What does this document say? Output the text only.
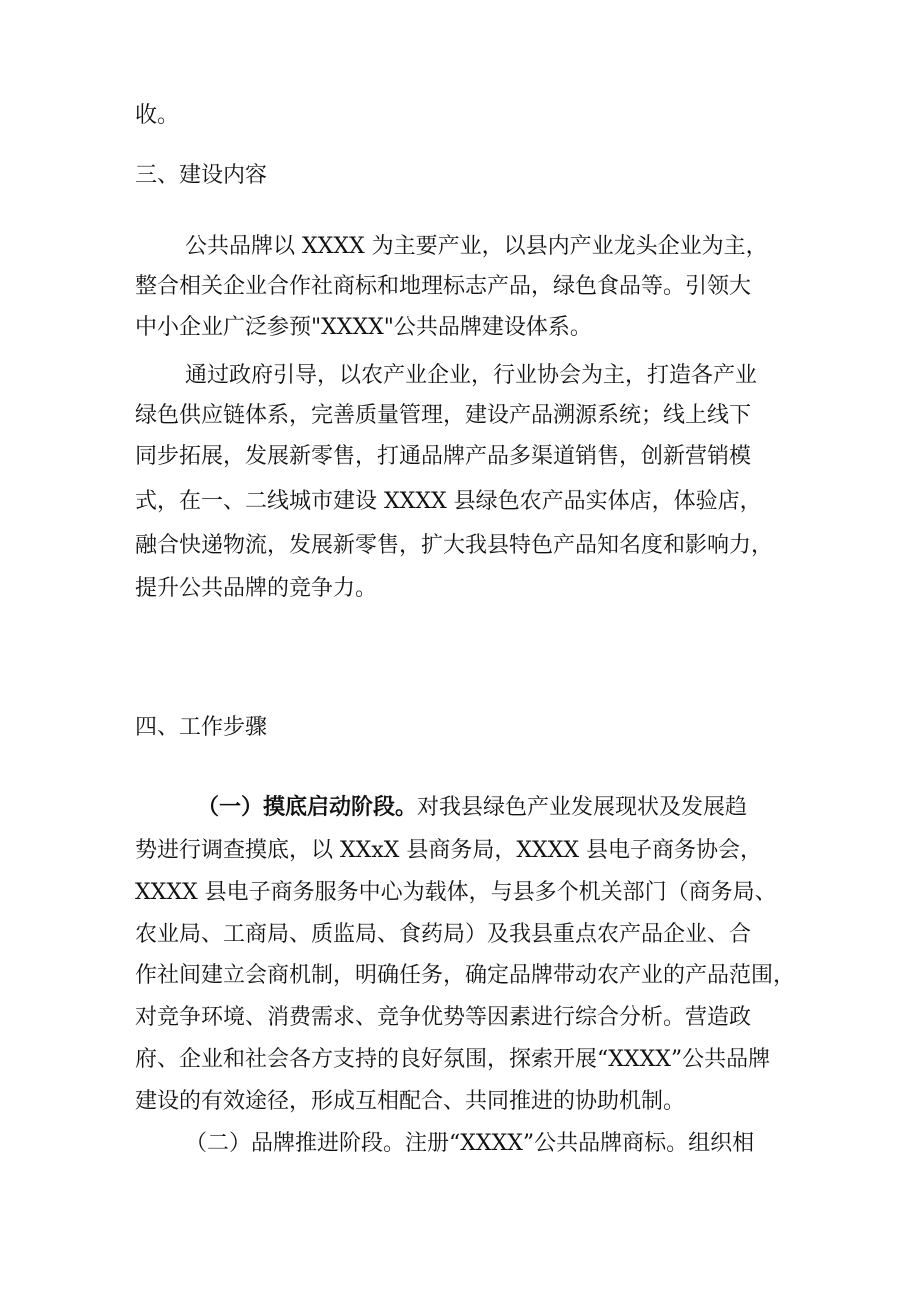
收。
三、建设内容
公共品牌以 XXXX 为主要产业，以县内产业龙头企业为主，
整合相关企业合作社商标和地理标志产品，绿色食品等。引领大
中小企业广泛参预"XXXX"公共品牌建设体系。
通过政府引导，以农产业企业，行业协会为主，打造各产业
绿色供应链体系，完善质量管理，建设产品溯源系统；线上线下
同步拓展，发展新零售，打通品牌产品多渠道销售，创新营销模
式，在一、二线城市建设 XXXX 县绿色农产品实体店，体验店，
融合快递物流，发展新零售，扩大我县特色产品知名度和影响力，
提升公共品牌的竞争力。
四、工作步骤
（一）摸底启动阶段。对我县绿色产业发展现状及发展趋
势进行调查摸底，以 XXxX 县商务局，XXXX 县电子商务协会，
XXXX 县电子商务服务中心为载体，与县多个机关部门（商务局、
农业局、工商局、质监局、食药局）及我县重点农产品企业、合
作社间建立会商机制，明确任务，确定品牌带动农产业的产品范围，
对竞争环境、消费需求、竞争优势等因素进行综合分析。营造政
府、企业和社会各方支持的良好氛围，探索开展“XXXX”公共品牌
建设的有效途径，形成互相配合、共同推进的协助机制。
（二）品牌推进阶段。注册“XXXX”公共品牌商标。组织相
